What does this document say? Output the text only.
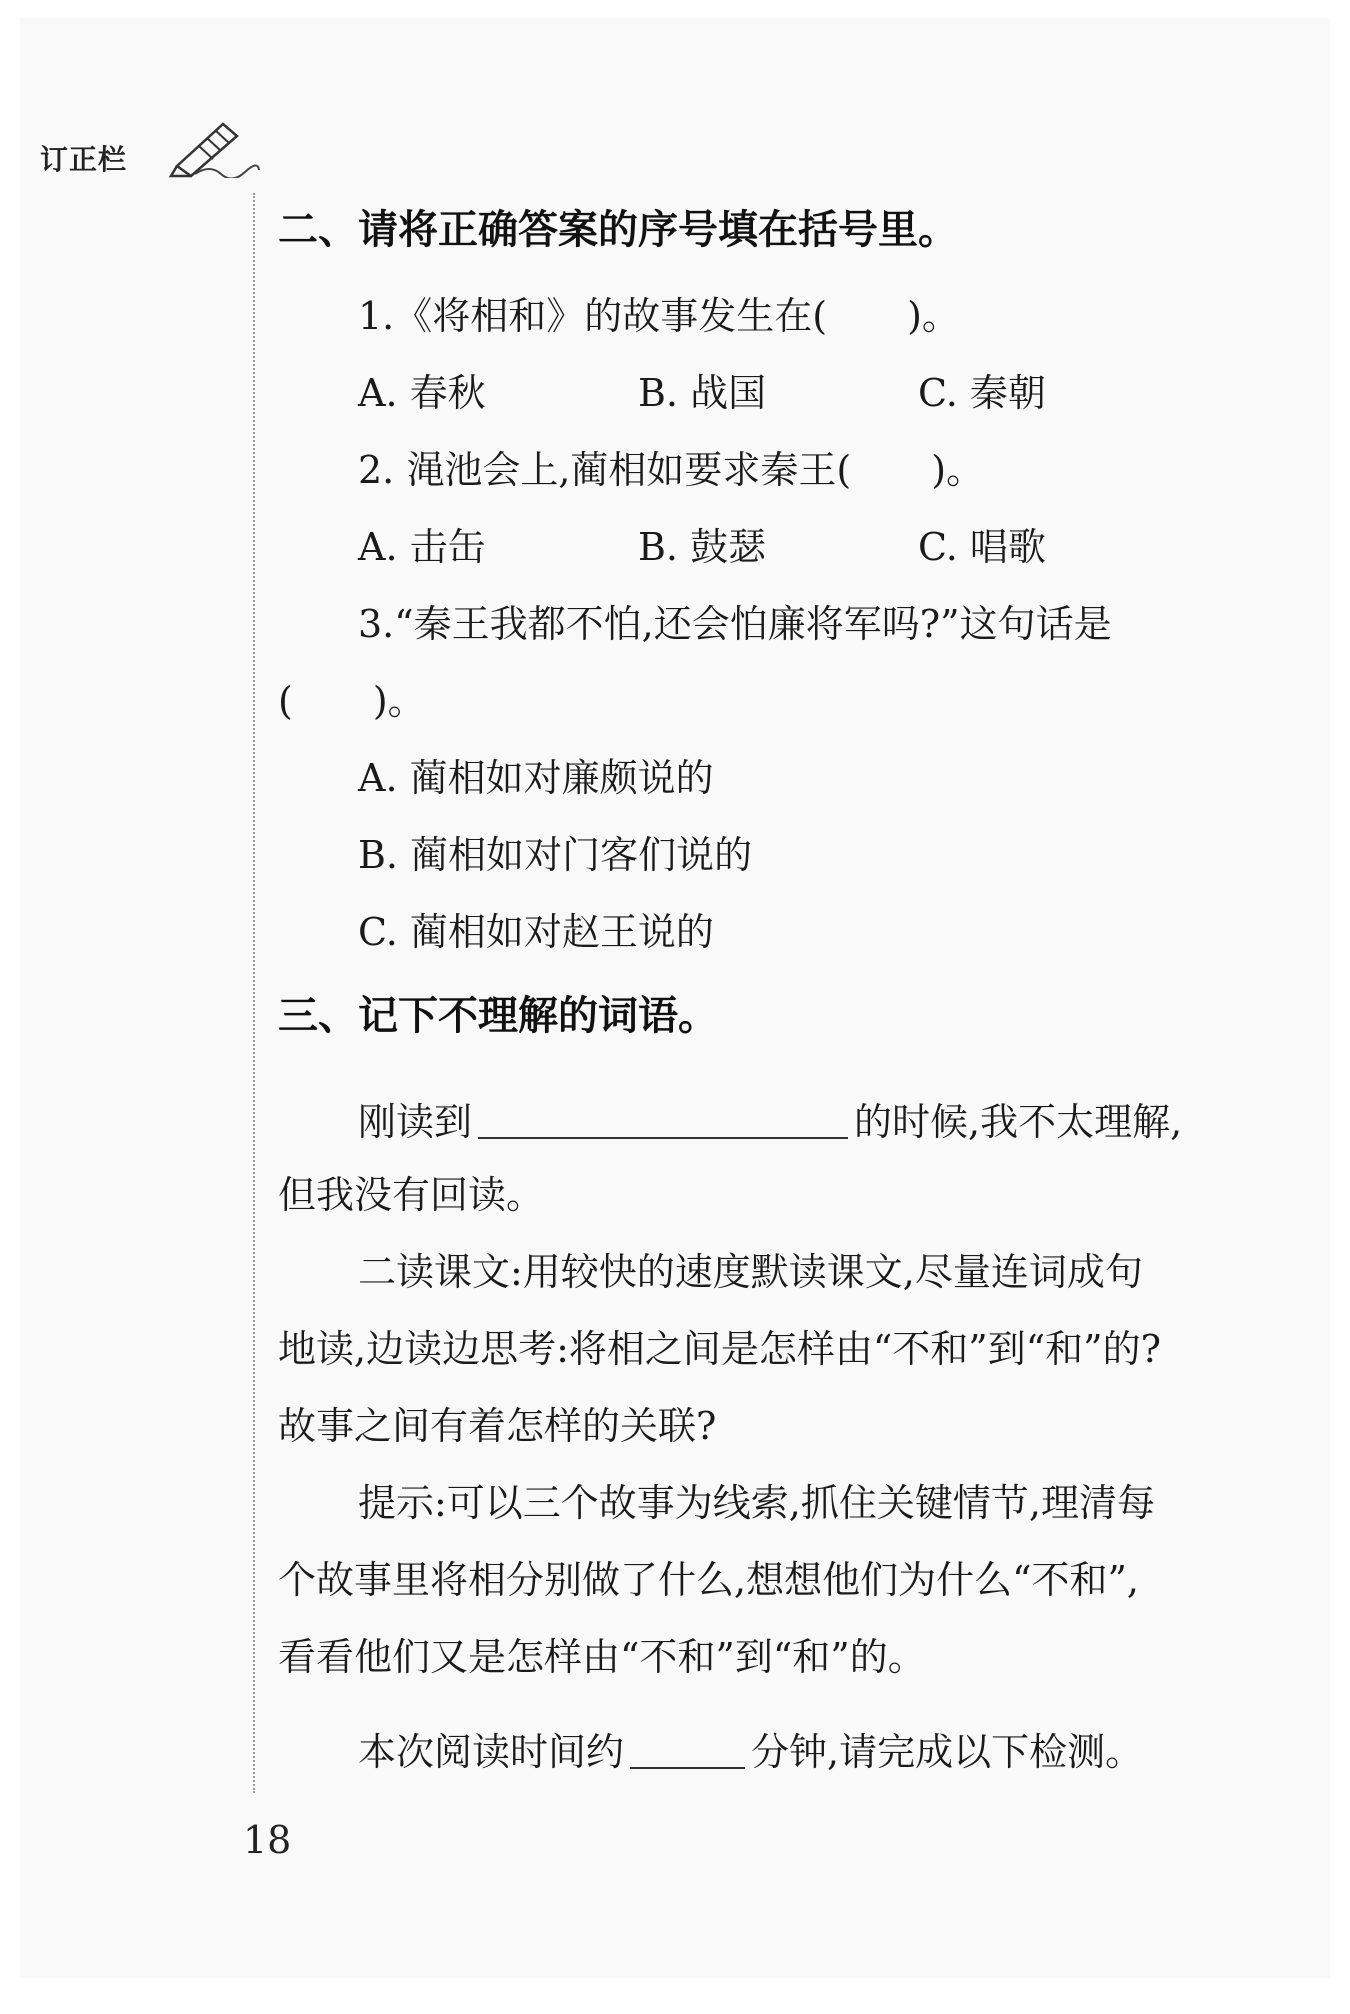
订正栏
二、请将正确答案的序号填在括号里。
1.《将相和》的故事发生在( )。
A. 春秋	B. 战国	C. 秦朝
2. 渑池会上,蔺相如要求秦王( )。
A. 击缶	B. 鼓瑟	C. 唱歌
3.“秦王我都不怕,还会怕廉将军吗?”这句话是
( )。
A. 蔺相如对廉颇说的
B. 蔺相如对门客们说的
C. 蔺相如对赵王说的
三、记下不理解的词语。
刚读到	的时候,我不太理解,
但我没有回读。
二读课文:用较快的速度默读课文,尽量连词成句
地读,边读边思考:将相之间是怎样由“不和”到“和”的?
故事之间有着怎样的关联?
提示:可以三个故事为线索,抓住关键情节,理清每
个故事里将相分别做了什么,想想他们为什么“不和”,
看看他们又是怎样由“不和”到“和”的。
本次阅读时间约	分钟,请完成以下检测。
18
